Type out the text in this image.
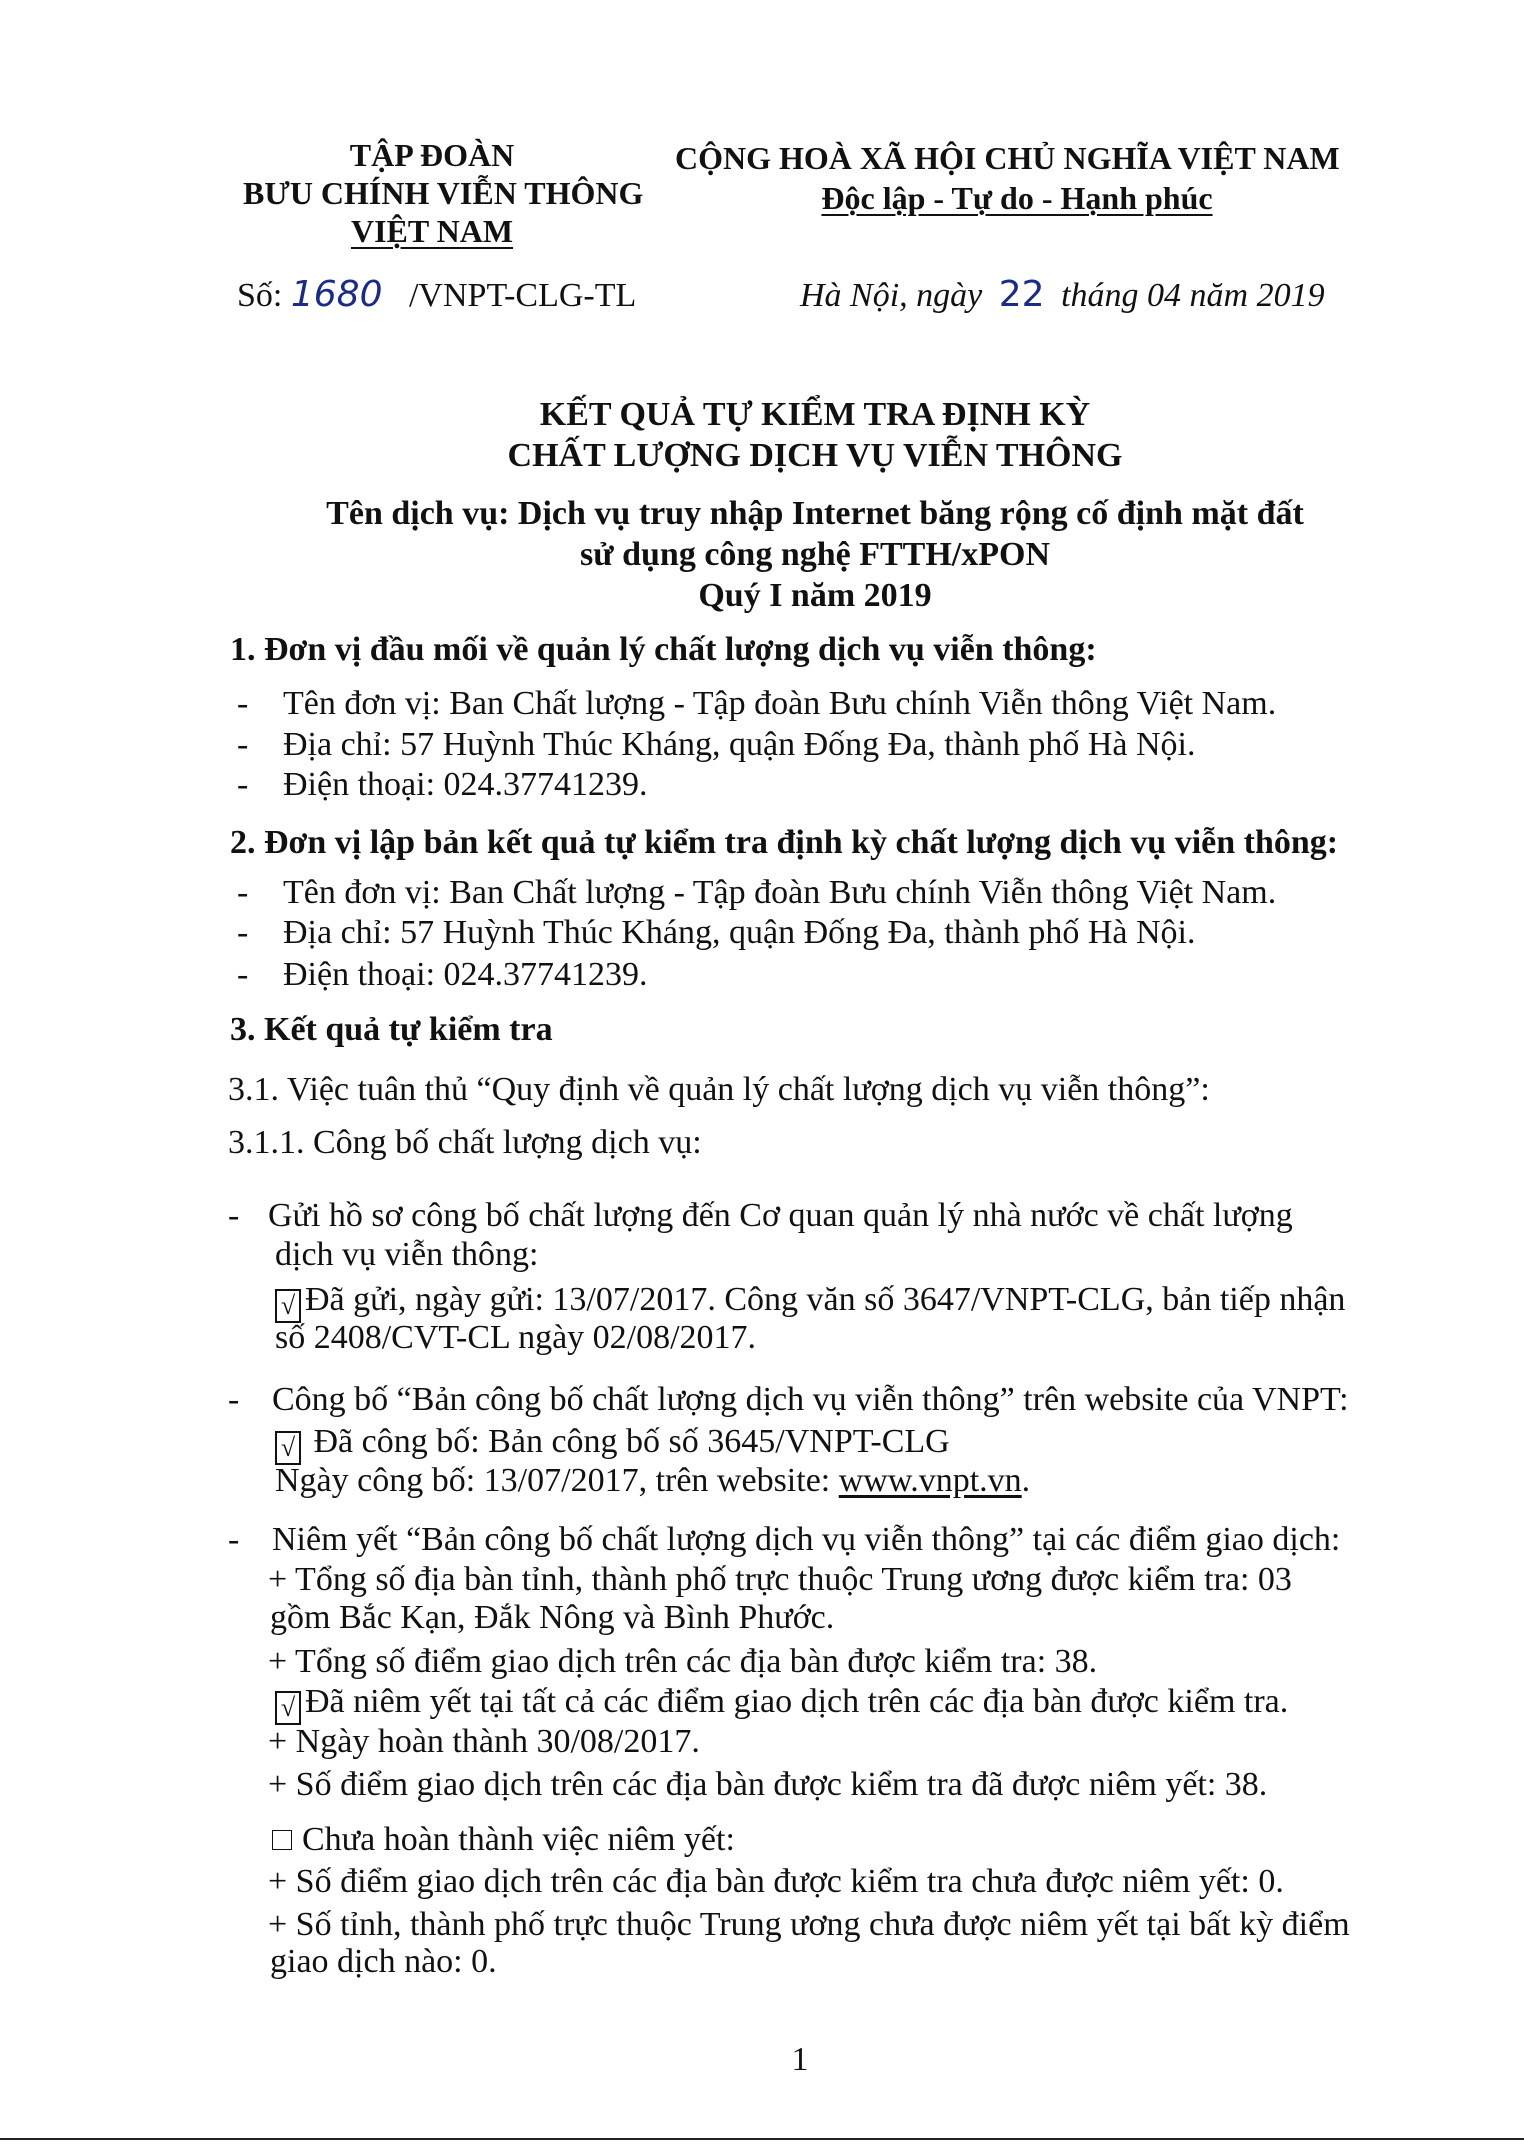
TẬP ĐOÀN
BƯU CHÍNH VIỄN THÔNG
VIỆT NAM
CỘNG HOÀ XÃ HỘI CHỦ NGHĨA VIỆT NAM
Độc lập - Tự do - Hạnh phúc
Số: 1680 /VNPT-CLG-TL	Hà Nội, ngày 22 tháng 04 năm 2019
KẾT QUẢ TỰ KIỂM TRA ĐỊNH KỲ
CHẤT LƯỢNG DỊCH VỤ VIỄN THÔNG
Tên dịch vụ: Dịch vụ truy nhập Internet băng rộng cố định mặt đất
sử dụng công nghệ FTTH/xPON
Quý I năm 2019
1. Đơn vị đầu mối về quản lý chất lượng dịch vụ viễn thông:
- Tên đơn vị: Ban Chất lượng - Tập đoàn Bưu chính Viễn thông Việt Nam.
- Địa chỉ: 57 Huỳnh Thúc Kháng, quận Đống Đa, thành phố Hà Nội.
- Điện thoại: 024.37741239.
2. Đơn vị lập bản kết quả tự kiểm tra định kỳ chất lượng dịch vụ viễn thông:
- Tên đơn vị: Ban Chất lượng - Tập đoàn Bưu chính Viễn thông Việt Nam.
- Địa chỉ: 57 Huỳnh Thúc Kháng, quận Đống Đa, thành phố Hà Nội.
- Điện thoại: 024.37741239.
3. Kết quả tự kiểm tra
3.1. Việc tuân thủ “Quy định về quản lý chất lượng dịch vụ viễn thông”:
3.1.1. Công bố chất lượng dịch vụ:
- Gửi hồ sơ công bố chất lượng đến Cơ quan quản lý nhà nước về chất lượng
dịch vụ viễn thông:
√ Đã gửi, ngày gửi: 13/07/2017. Công văn số 3647/VNPT-CLG, bản tiếp nhận
số 2408/CVT-CL ngày 02/08/2017.
- Công bố “Bản công bố chất lượng dịch vụ viễn thông” trên website của VNPT:
√ Đã công bố: Bản công bố số 3645/VNPT-CLG
Ngày công bố: 13/07/2017, trên website: www.vnpt.vn.
- Niêm yết “Bản công bố chất lượng dịch vụ viễn thông” tại các điểm giao dịch:
+ Tổng số địa bàn tỉnh, thành phố trực thuộc Trung ương được kiểm tra: 03
gồm Bắc Kạn, Đắk Nông và Bình Phước.
+ Tổng số điểm giao dịch trên các địa bàn được kiểm tra: 38.
√ Đã niêm yết tại tất cả các điểm giao dịch trên các địa bàn được kiểm tra.
+ Ngày hoàn thành 30/08/2017.
+ Số điểm giao dịch trên các địa bàn được kiểm tra đã được niêm yết: 38.
Chưa hoàn thành việc niêm yết:
+ Số điểm giao dịch trên các địa bàn được kiểm tra chưa được niêm yết: 0.
+ Số tỉnh, thành phố trực thuộc Trung ương chưa được niêm yết tại bất kỳ điểm
giao dịch nào: 0.
1
